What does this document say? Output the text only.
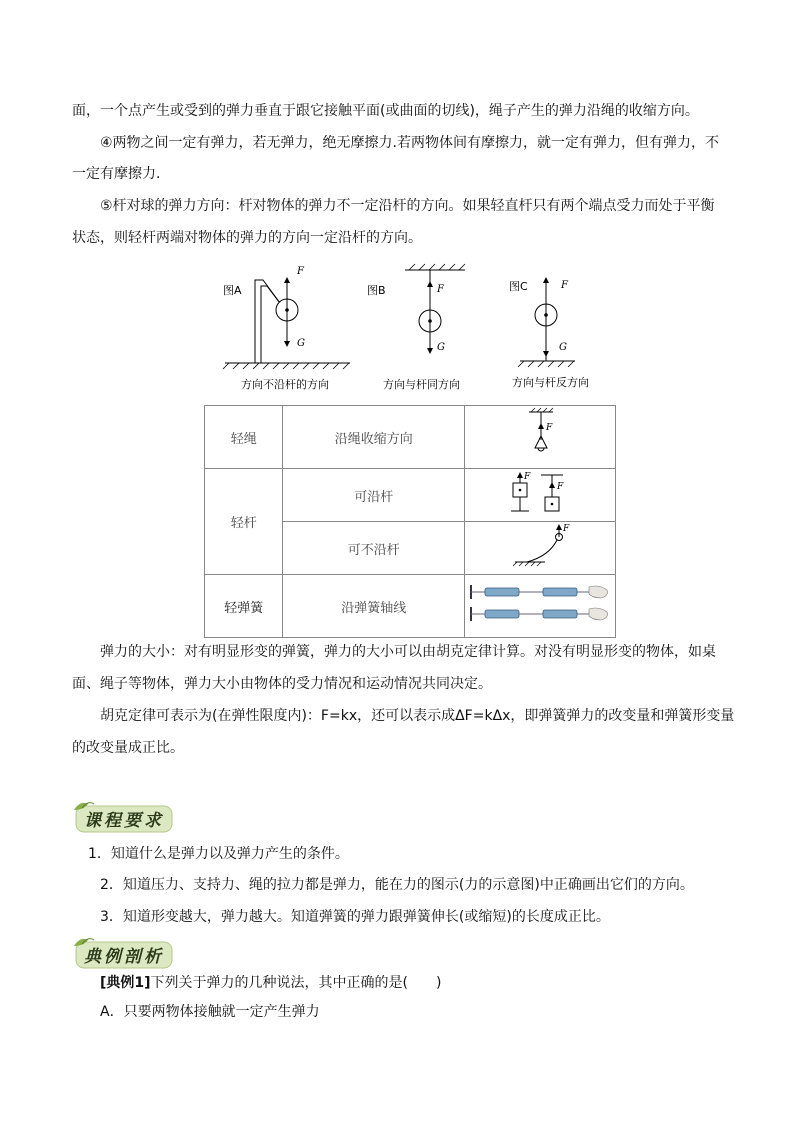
面，一个点产生或受到的弹力垂直于跟它接触平面(或曲面的切线)，绳子产生的弹力沿绳的收缩方向。

④两物之间一定有弹力，若无弹力，绝无摩擦力.若两物体间有摩擦力，就一定有弹力，但有弹力，不

一定有摩擦力.

⑤杆对球的弹力方向：杆对物体的弹力不一定沿杆的方向。如果轻直杆只有两个端点受力而处于平衡

状态，则轻杆两端对物体的弹力的方向一定沿杆的方向。

图A
F
G
方向不沿杆的方向
图B	F
G
方向与杆同方向
图C	F
G
方向与杆反方向
轻绳	沿绳收缩方向	F

轻杆	可沿杆	F
F

	可不沿杆	F

轻弹簧	沿弹簧轴线	

弹力的大小：对有明显形变的弹簧，弹力的大小可以由胡克定律计算。对没有明显形变的物体，如桌

面、绳子等物体，弹力大小由物体的受力情况和运动情况共同决定。

胡克定律可表示为(在弹性限度内)：F=kx，还可以表示成ΔF=kΔx，即弹簧弹力的改变量和弹簧形变量

的改变量成正比。

课程要求
1．知道什么是弹力以及弹力产生的条件。
2．知道压力、支持力、绳的拉力都是弹力，能在力的图示(力的示意图)中正确画出它们的方向。
3．知道形变越大，弹力越大。知道弹簧的弹力跟弹簧伸长(或缩短)的长度成正比。
典例剖析
[典例1]下列关于弹力的几种说法，其中正确的是(　　)
A．只要两物体接触就一定产生弹力
